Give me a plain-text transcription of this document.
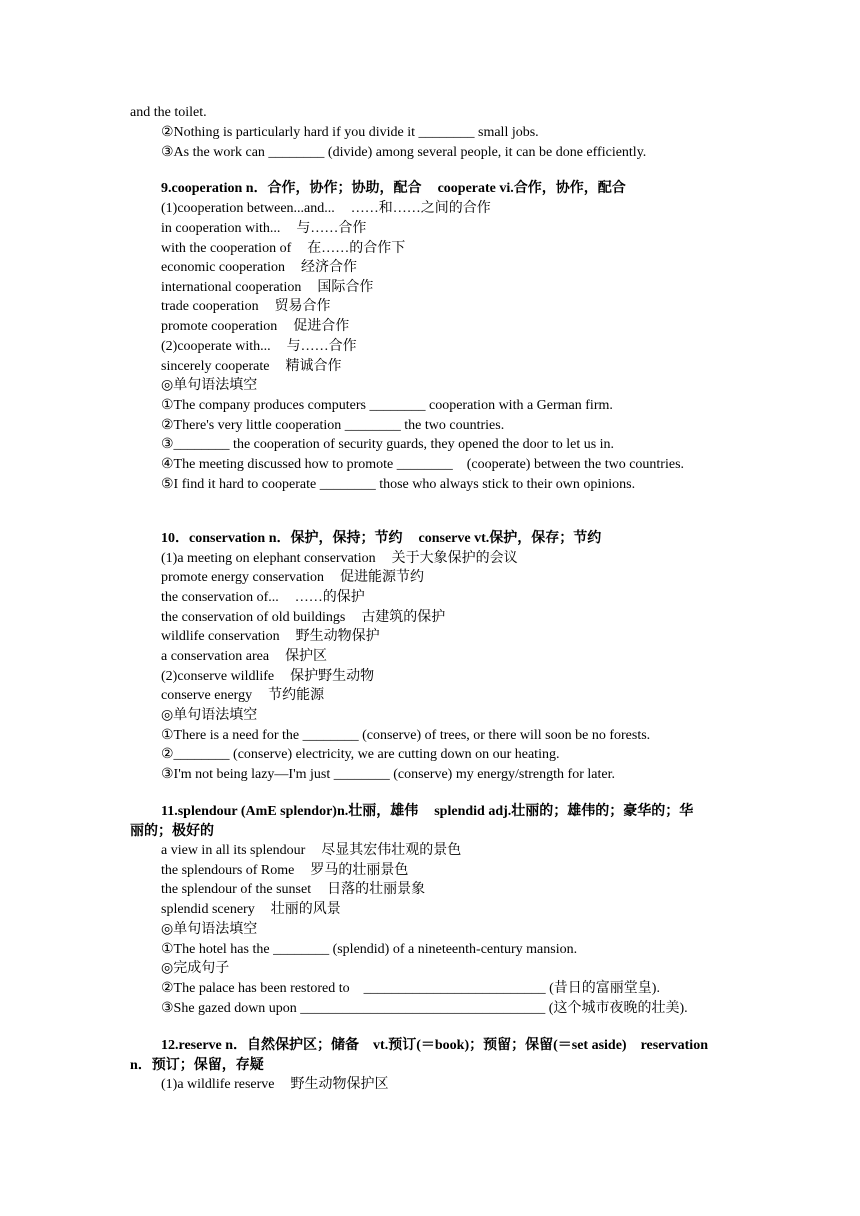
and the toilet.
②Nothing is particularly hard if you divide it ________ small jobs.
③As the work can ________ (divide) among several people, it can be done efficiently.
9.cooperation n．合作，协作；协助，配合 cooperate vi.合作，协作，配合
(1)cooperation between...and... ……和……之间的合作
in cooperation with... 与……合作
with the cooperation of 在……的合作下
economic cooperation 经济合作
international cooperation 国际合作
trade cooperation 贸易合作
promote cooperation 促进合作
(2)cooperate with... 与……合作
sincerely cooperate 精诚合作
◎单句语法填空
①The company produces computers ________ cooperation with a German firm.
②There's very little cooperation ________ the two countries.
③________ the cooperation of security guards, they opened the door to let us in.
④The meeting discussed how to promote ________　(cooperate) between the two countries.
⑤I find it hard to cooperate ________ those who always stick to their own opinions.
10．conservation n．保护，保持；节约 conserve vt.保护，保存；节约
(1)a meeting on elephant conservation 关于大象保护的会议
promote energy conservation 促进能源节约
the conservation of... ……的保护
the conservation of old buildings 古建筑的保护
wildlife conservation 野生动物保护
a conservation area 保护区
(2)conserve wildlife 保护野生动物
conserve energy 节约能源
◎单句语法填空
①There is a need for the ________ (conserve) of trees, or there will soon be no forests.
②________ (conserve) electricity, we are cutting down on our heating.
③I'm not being lazy—I'm just ________ (conserve) my energy/strength for later.
11.splendour (AmE splendor)n.壮丽，雄伟 splendid adj.壮丽的；雄伟的；豪华的；华
丽的；极好的
a view in all its splendour 尽显其宏伟壮观的景色
the splendours of Rome 罗马的壮丽景色
the splendour of the sunset 日落的壮丽景象
splendid scenery 壮丽的风景
◎单句语法填空
①The hotel has the ________ (splendid) of a nineteenth-century mansion.
◎完成句子
②The palace has been restored to　__________________________ (昔日的富丽堂皇).
③She gazed down upon ___________________________________ (这个城市夜晚的壮美).
12.reserve n．自然保护区；储备　vt.预订(＝book)；预留；保留(＝set aside)　reservation
n．预订；保留，存疑
(1)a wildlife reserve 野生动物保护区
